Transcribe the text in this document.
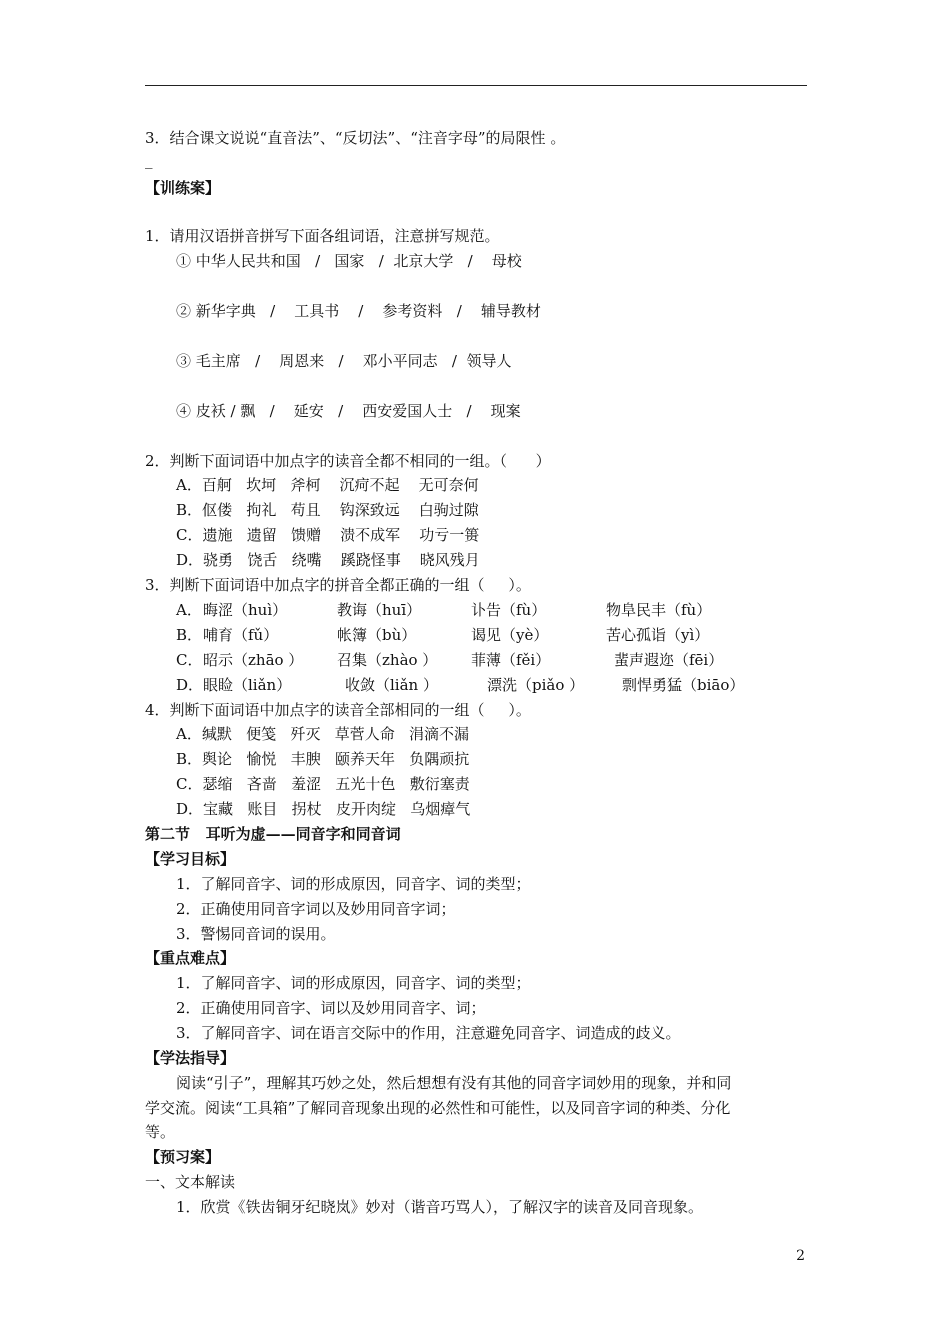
3．结合课文说说“直音法”、“反切法”、“注音字母”的局限性 。
_
【训练案】
1．请用汉语拼音拼写下面各组词语，注意拼写规范。
① 中华人民共和国   /   国家   /  北京大学   /    母校
② 新华字典   /    工具书    /    参考资料   /    辅导教材
③ 毛主席   /    周恩来   /    邓小平同志   /  领导人
④ 皮袄 / 飘   /    延安   /    西安爱国人士   /    现案
2．判断下面词语中加点字的读音全都不相同的一组。（      ）
A．百舸   坎坷   斧柯    沉疴不起    无可奈何
B．伛偻   拘礼   苟且    钩深致远    白驹过隙
C．遗施   遗留   馈赠    溃不成军    功亏一篑
D．骁勇   饶舌   绕嘴    蹊跷怪事    晓风残月
3．判断下面词语中加点字的拼音全都正确的一组（     ）。
A． 晦涩（huì）	教诲（huī）	讣告（fù）	物阜民丰（fù）
B． 哺育（fǔ）	帐簿（bù）	谒见（yè）	苦心孤诣（yì）
C． 昭示（zhāo ） 召集（zhào ） 菲薄（fěi）	蜚声遐迩（fēi）
D． 眼睑（liǎn）	收敛（liǎn ）	漂洗（piǎo ）	剽悍勇猛（biāo）
4．判断下面词语中加点字的读音全部相同的一组（     ）。
A．缄默   便笺   歼灭   草菅人命   涓滴不漏
B．舆论   愉悦   丰腴   颐养天年   负隅顽抗
C．瑟缩   吝啬   羞涩   五光十色   敷衍塞责
D．宝藏   账目   拐杖   皮开肉绽   乌烟瘴气
第二节   耳听为虚——同音字和同音词
【学习目标】
1．了解同音字、词的形成原因，同音字、词的类型；
2．正确使用同音字词以及妙用同音字词；
3．警惕同音词的误用。
【重点难点】
1．了解同音字、词的形成原因，同音字、词的类型；
2．正确使用同音字、词以及妙用同音字、词；
3．了解同音字、词在语言交际中的作用，注意避免同音字、词造成的歧义。
【学法指导】
阅读“引子”，理解其巧妙之处，然后想想有没有其他的同音字词妙用的现象，并和同
学交流。阅读“工具箱”了解同音现象出现的必然性和可能性，以及同音字词的种类、分化
等。
【预习案】
一、文本解读
1．欣赏《铁齿铜牙纪晓岚》妙对（谐音巧骂人），了解汉字的读音及同音现象。
2
